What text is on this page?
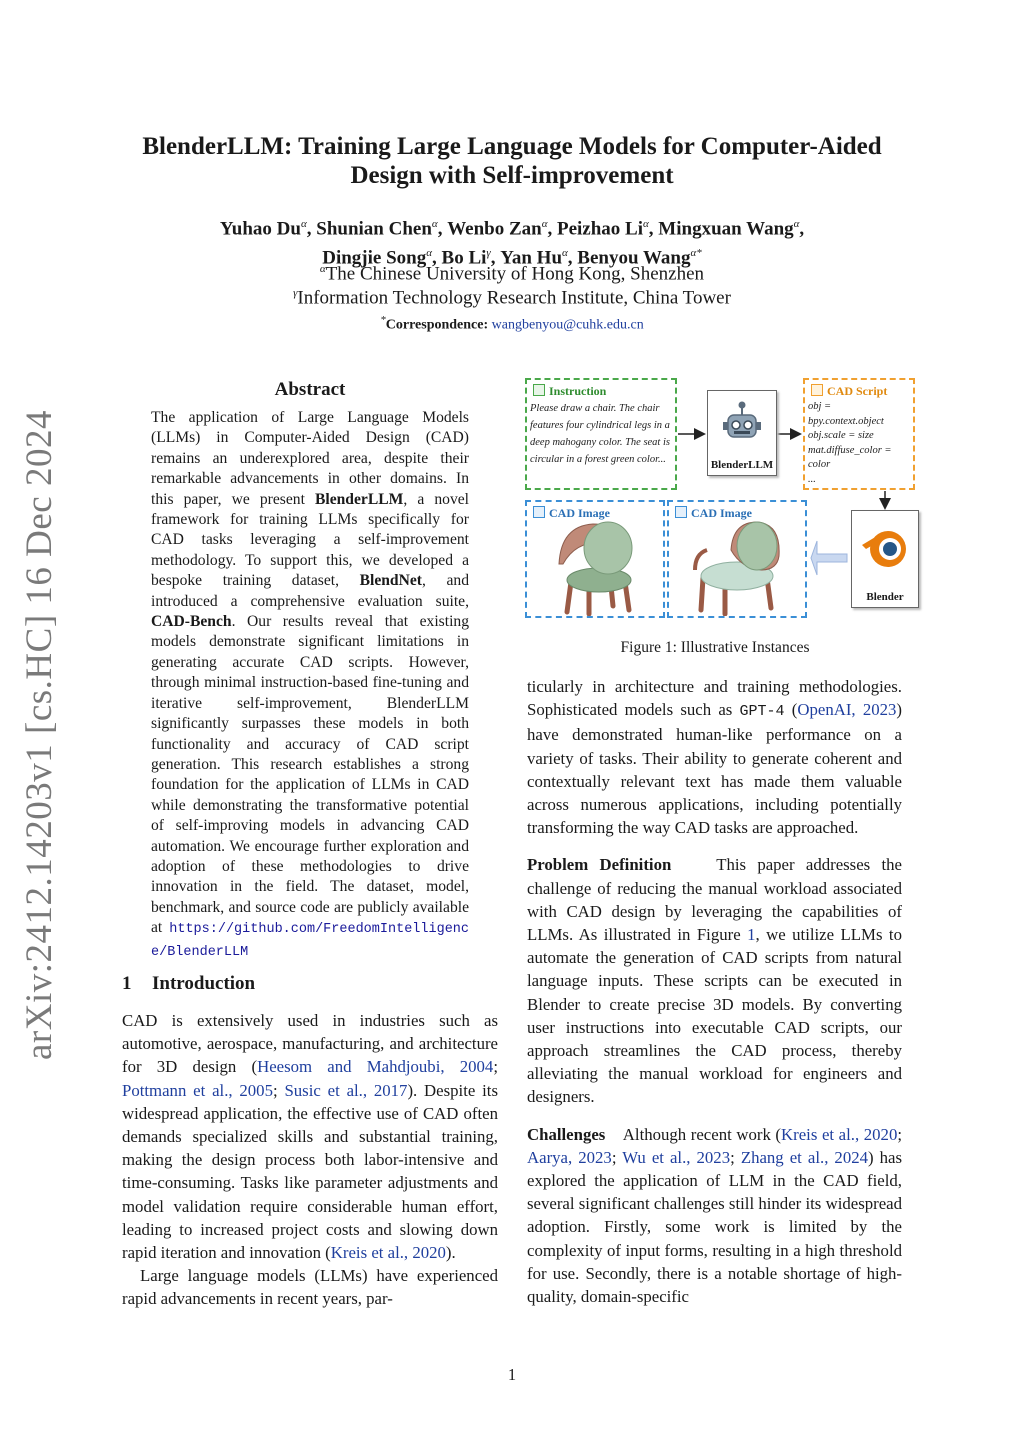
arXiv:2412.14203v1 [cs.HC] 16 Dec 2024
BlenderLLM: Training Large Language Models for Computer-Aided
Design with Self-improvement
Yuhao $Du^\alpha$, Shunian Chen$^\alpha$, Wenbo Zan$^\alpha$, Peizhao $Li^\alpha$, Mingxuan Wang$^\alpha$,
Dingjie Song$^\alpha$, Bo $Li^\gamma$, Yan $Hu^\alpha$, Benyou Wang$^{\alpha*}$
$^\alpha$The Chinese University of Hong Kong, Shenzhen
$^\gamma$Information Technology Research Institute, China Tower
*Correspondence: wangbenyou@cuhk.edu.cn
Abstract

The application of Large Language Models (LLMs) in Computer-Aided Design (CAD) remains an underexplored area, despite their remarkable advancements in other domains. In this paper, we present BlenderLLM, a novel framework for training LLMs specifically for CAD tasks leveraging a self-improvement methodology. To support this, we developed a bespoke training dataset, BlendNet, and introduced a comprehensive evaluation suite, CAD-Bench. Our results reveal that existing models demonstrate significant limitations in generating accurate CAD scripts. However, through minimal instruction-based fine-tuning and iterative self-improvement, BlenderLLM significantly surpasses these models in both functionality and accuracy of CAD script generation. This research establishes a strong foundation for the application of LLMs in CAD while demonstrating the transformative potential of self-improving models in advancing CAD automation. We encourage further exploration and adoption of these methodologies to drive innovation in the field. The dataset, model, benchmark, and source code are publicly available at https://github.com/FreedomIntelligence/BlenderLLM

1 Introduction

CAD is extensively used in industries such as automotive, aerospace, manufacturing, and architecture for 3D design (Heesom and Mahdjoubi, 2004; Pottmann et al., 2005; Susic et al., 2017). Despite its widespread application, the effective use of CAD often demands specialized skills and substantial training, making the design process both labor-intensive and time-consuming. Tasks like parameter adjustments and model validation require considerable human effort, leading to increased project costs and slowing down rapid iteration and innovation (Kreis et al., 2020).

Large language models (LLMs) have experienced rapid advancements in recent years, par-

Instruction
Please draw a chair. The chair features four cylindrical legs in a deep mahogany color. The seat is circular in a forest green color...	BlenderLLM
CAD Script
obj =
bpy.context.object
obj.scale = size
mat.diffuse_color =
color
...
CAD Image	CAD Image
Blender
Figure 1: Illustrative Instances

ticularly in architecture and training methodologies. Sophisticated models such as GPT-4 (OpenAI, 2023) have demonstrated human-like performance on a variety of tasks. Their ability to generate coherent and contextually relevant text has made them valuable across numerous applications, including potentially transforming the way CAD tasks are approached.

Problem Definition	This paper addresses the challenge of reducing the manual workload associated with CAD design by leveraging the capabilities of LLMs. As illustrated in Figure 1, we utilize LLMs to automate the generation of CAD scripts from natural language inputs. These scripts can be executed in Blender to create precise 3D models. By converting user instructions into executable CAD scripts, our approach streamlines the CAD process, thereby alleviating the manual workload for engineers and designers.

Challenges Although recent work (Kreis et al., 2020; Aarya, 2023; Wu et al., 2023; Zhang et al., 2024) has explored the application of LLM in the CAD field, several significant challenges still hinder its widespread adoption. Firstly, some work is limited by the complexity of input forms, resulting in a high threshold for use. Secondly, there is a notable shortage of high-quality, domain-specific

1
